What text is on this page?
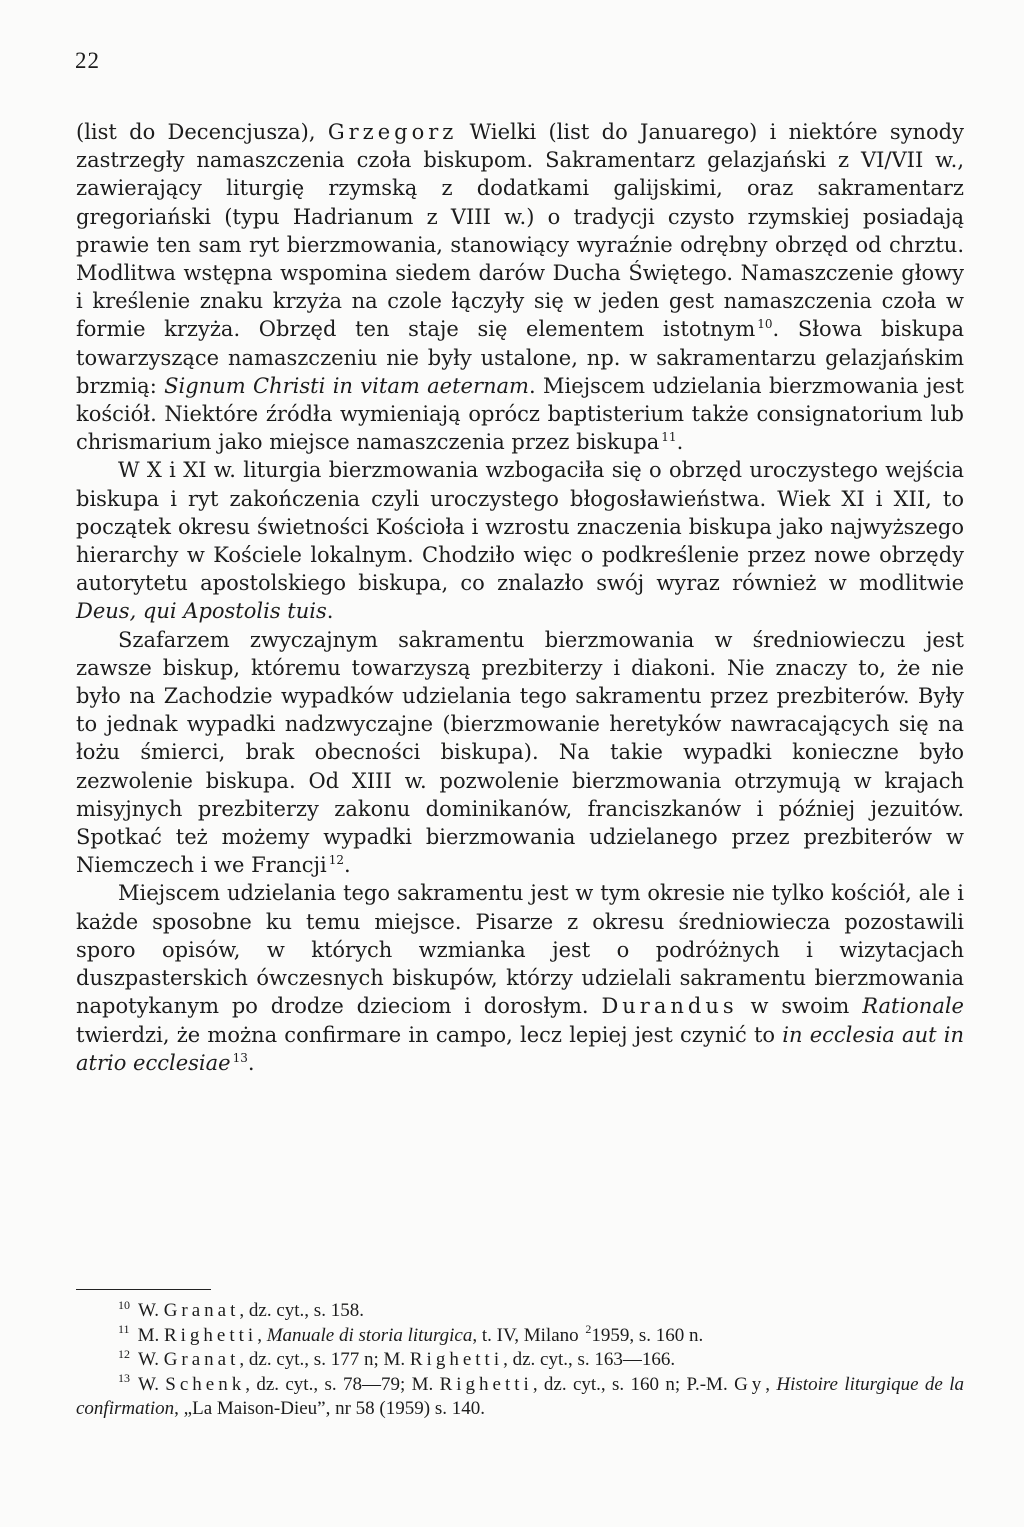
22

(list do Decencjusza), Grzegorz Wielki (list do Januarego) i niektóre synody zastrzegły namaszczenia czoła biskupom. Sakramentarz gelazjański z VI/VII w., zawierający liturgię rzymską z dodatkami galijskimi, oraz sakramentarz gregoriański (typu Hadrianum z VIII w.) o tradycji czysto rzymskiej posiadają prawie ten sam ryt bierzmowania, stanowiący wyraźnie odrębny obrzęd od chrztu. Modlitwa wstępna wspomina siedem darów Ducha Świętego. Namaszczenie głowy i kreślenie znaku krzyża na czole łączyły się w jeden gest namaszczenia czoła w formie krzyża. Obrzęd ten staje się elementem istotnym $^{10}$. Słowa biskupa towarzyszące namaszczeniu nie były ustalone, np. w sakramentarzu gelazjańskim brzmią: Signum Christi in vitam aeternam. Miejscem udzielania bierzmowania jest kościół. Niektóre źródła wymieniają oprócz baptisterium także consignatorium lub chrismarium jako miejsce namaszczenia przez biskupa $^{11}$.

W X i XI w. liturgia bierzmowania wzbogaciła się o obrzęd uroczystego wejścia biskupa i ryt zakończenia czyli uroczystego błogosławieństwa. Wiek XI i XII, to początek okresu świetności Kościoła i wzrostu znaczenia biskupa jako najwyższego hierarchy w Kościele lokalnym. Chodziło więc o podkreślenie przez nowe obrzędy autorytetu apostolskiego biskupa, co znalazło swój wyraz również w modlitwie Deus, qui Apostolis tuis.

Szafarzem zwyczajnym sakramentu bierzmowania w średniowieczu jest zawsze biskup, któremu towarzyszą prezbiterzy i diakoni. Nie znaczy to, że nie było na Zachodzie wypadków udzielania tego sakramentu przez prezbiterów. Były to jednak wypadki nadzwyczajne (bierzmowanie heretyków nawracających się na łożu śmierci, brak obecności biskupa). Na takie wypadki konieczne było zezwolenie biskupa. Od XIII w. pozwolenie bierzmowania otrzymują w krajach misyjnych prezbiterzy zakonu dominikanów, franciszkanów i później jezuitów. Spotkać też możemy wypadki bierzmowania udzielanego przez prezbiterów w Niemczech i we Francji $^{12}$.

Miejscem udzielania tego sakramentu jest w tym okresie nie tylko kościół, ale i każde sposobne ku temu miejsce. Pisarze z okresu średniowiecza pozostawili sporo opisów, w których wzmianka jest o podróżnych i wizytacjach duszpasterskich ówczesnych biskupów, którzy udzielali sakramentu bierzmowania napotykanym po drodze dzieciom i dorosłym. Durandus w swoim Rationale twierdzi, że można confirmare in campo, lecz lepiej jest czynić to in ecclesia aut in atrio ecclesiae $^{13}$.

$^{10}$ W. Granat, dz. cyt., s. 158.

$^{11}$ M. Righetti, Manuale di storia liturgica, t. IV, Milano $^2$1959, s. 160 n.

$^{12}$ W. Granat, dz. cyt., s. 177 n; M. Righetti, dz. cyt., s. 163—166.

$^{13}$ W. Schenk, dz. cyt., s. 78—79; M. Righetti, dz. cyt., s. 160 n; P.-M. Gy, Histoire liturgique de la confirmation, „La Maison-Dieu”, nr 58 (1959) s. 140.
